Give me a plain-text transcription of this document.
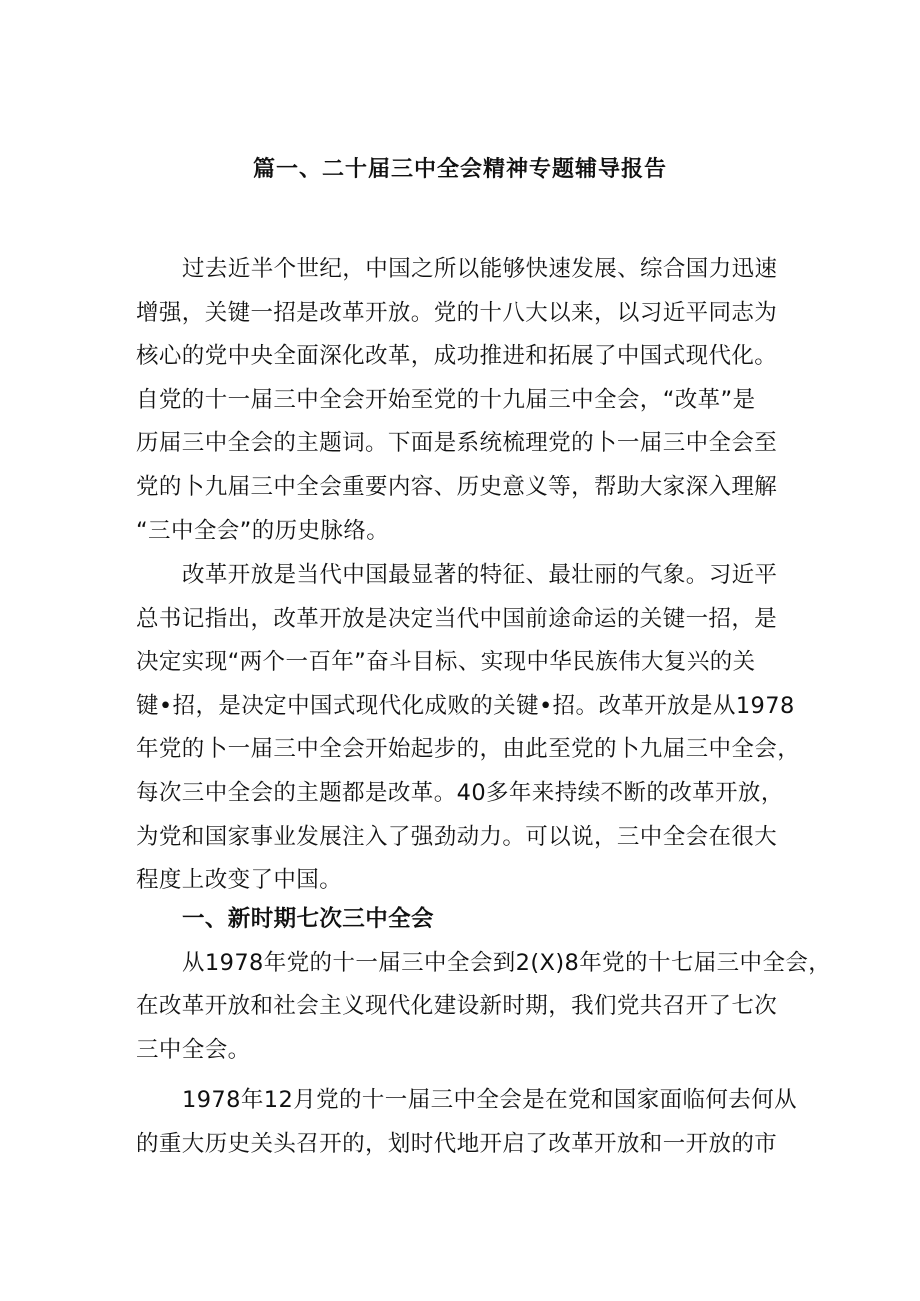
篇一、二十届三中全会精神专题辅导报告
过去近半个世纪，中国之所以能够快速发展、综合国力迅速
增强，关键一招是改革开放。党的十八大以来，以习近平同志为
核心的党中央全面深化改革，成功推进和拓展了中国式现代化。
自党的十一届三中全会开始至党的十九届三中全会，“改革”是
历届三中全会的主题词。下面是系统梳理党的卜一届三中全会至
党的卜九届三中全会重要内容、历史意义等，帮助大家深入理解
“三中全会”的历史脉络。
改革开放是当代中国最显著的特征、最壮丽的气象。习近平
总书记指出，改革开放是决定当代中国前途命运的关键一招，是
决定实现“两个一百年”奋斗目标、实现中华民族伟大复兴的关
键•招，是决定中国式现代化成败的关键•招。改革开放是从1978
年党的卜一届三中全会开始起步的，由此至党的卜九届三中全会，
每次三中全会的主题都是改革。40多年来持续不断的改革开放，
为党和国家事业发展注入了强劲动力。可以说，三中全会在很大
程度上改变了中国。
一、新时期七次三中全会
从1978年党的十一届三中全会到2(X)8年党的十七届三中全会，
在改革开放和社会主义现代化建设新时期，我们党共召开了七次
三中全会。
1978年12月党的十一届三中全会是在党和国家面临何去何从
的重大历史关头召开的，划时代地开启了改革开放和一开放的市
